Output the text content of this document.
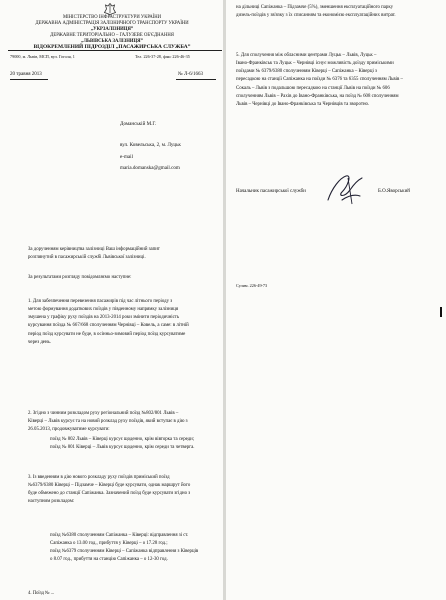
МІНІСТЕРСТВО ІНФРАСТРУКТУРИ УКРАЇНИ
ДЕРЖАВНА АДМІНІСТРАЦІЯ ЗАЛІЗНИЧНОГО ТРАНСПОРТУ УКРАЇНИ
„УКРЗАЛІЗНИЦЯ”
ДЕРЖАВНЕ ТЕРИТОРІАЛЬНО – ГАЛУЗЕВЕ ОБ'ЄДНАННЯ
„ЛЬВІВСЬКА ЗАЛІЗНИЦЯ”
ВІДОКРЕМЛЕНИЙ ПІДРОЗДІЛ „ПАСАЖИРСЬКА СЛУЖБА”
79000, м. Львів, МСП, вул. Гоголя, 1	Тел. 226-37-28, факс 226-46-35
20 травня 2013	№ Л-6/1663
Доманській М.Г.
вул. Ковельська, 2, м. Луцьк
e-mail
maria.domanska@gmail.com
За дорученням керівництва залізниці Ваш інформаційний запит
розглянутий в пасажирській службі Львівської залізниці.
За результатами розгляду повідомляємо наступне:
1. Для забезпечення перевезення пасажирів під час літнього періоду з
метою формування додаткових поїздів у південному напрямку залізниця
змушена у графіку руху поїздів на 2013-2014 роки змінити періодичність
курсування поїзда № 667/668 сполученням Чернівці – Ковель, а саме: в літній
період поїзд курсувати не буде, в осінньо-зимовий період поїзд курсуватиме
через день.
2. Згідно з чинним розкладом руху регіональний поїзд №802/801 Львів –
Ківерці – Львів курсує та на новий розклад руху поїздів, який вступає в дію з
26.05.2013, продовжуватиме курсувати:
поїзд № 802 Львів – Ківерці курсує щоденно, крім вівторка та середи;
поїзд № 801 Ківерці – Львів курсує щоденно, крім середи та четверга.
3. Із введенням в дію нового розкладу руху поїздів приміський поїзд
№6379/6380 Ківерці – Підзамче – Ківерці буде курсувати, однак маршрут його
буде обмежено до станції Сапіжанка. Зазначений поїзд буде курсувати згідно з
наступним розкладом:
поїзд №6380 сполученням Сапіжанка – Ківерці: відправлення зі ст.
Сапіжанка о 13.00 год., прибуття у Ківерці – о 17.28 год.;
поїзд №6379 сполученням Ківерці – Сапіжанка відправлення з Ківерців
о 8.07 год., прибуття на станцію Сапіжанка – о 12-30 год.
4. Поїзд № ...
на дільниці Сапіжанка – Підзамче (5%), зменшення експлуатаційного парку
дизель-поїздів у зв'язку з їх списанням та економією експлуатаційних витрат.
5. Для сполучення між обласними центрами Луцьк – Львів, Луцьк –
Івано-Франківськ та Луцьк – Чернівці існує можливість доїзду приміськими
поїздами № 6379/6380 сполученням Ківерці – Сапіжанка – Ківерці з
пересадкою на станції Сапіжанка на поїзди № 6376 та 6355 сполученням Львів –
Сокаль – Львів з подальшою пересадкою на станції Львів на поїзди № 606
сполученням Львів – Рахів до Івано-Франківська, на поїзд № 608 сполученням
Львів – Чернівці до Івано-Франківська та Чернівців та зворотно.
Начальник пасажирської служби	Б.О.Яворський
Сулим. 226-49-73
